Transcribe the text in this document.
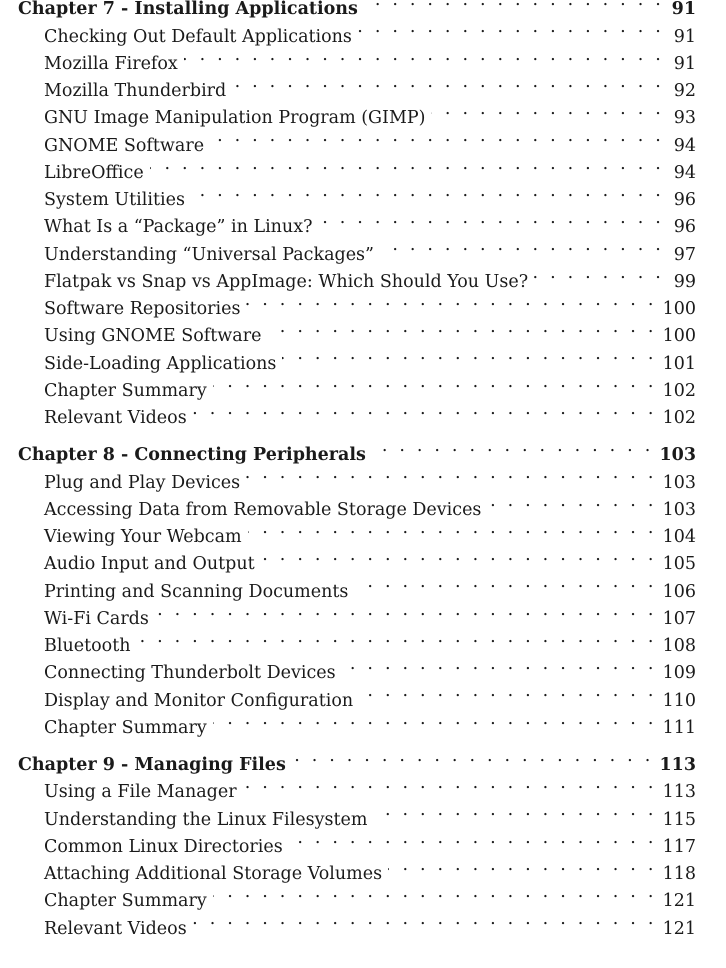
Chapter 7 - Installing Applications . . .	91
Checking Out Default Applications . . .	91
Mozilla Firefox . . .	91
Mozilla Thunderbird . . .	92
GNU Image Manipulation Program (GIMP) . . .	93
GNOME Software . . .	94
LibreOffice . . .	94
System Utilities . . .	96
What Is a “Package” in Linux? . . .	96
Understanding “Universal Packages” . . .	97
Flatpak vs Snap vs AppImage: Which Should You Use? . . .	99
Software Repositories . . .	100
Using GNOME Software . . .	100
Side-Loading Applications . . .	101
Chapter Summary . . .	102
Relevant Videos . . .	102
Chapter 8 - Connecting Peripherals . . .	103
Plug and Play Devices . . .	103
Accessing Data from Removable Storage Devices . . .	103
Viewing Your Webcam . . .	104
Audio Input and Output . . .	105
Printing and Scanning Documents . . .	106
Wi-Fi Cards . . .	107
Bluetooth . . .	108
Connecting Thunderbolt Devices . . .	109
Display and Monitor Configuration . . .	110
Chapter Summary . . .	111
Chapter 9 - Managing Files . . .	113
Using a File Manager . . .	113
Understanding the Linux Filesystem . . .	115
Common Linux Directories . . .	117
Attaching Additional Storage Volumes . . .	118
Chapter Summary . . .	121
Relevant Videos . . .	121
